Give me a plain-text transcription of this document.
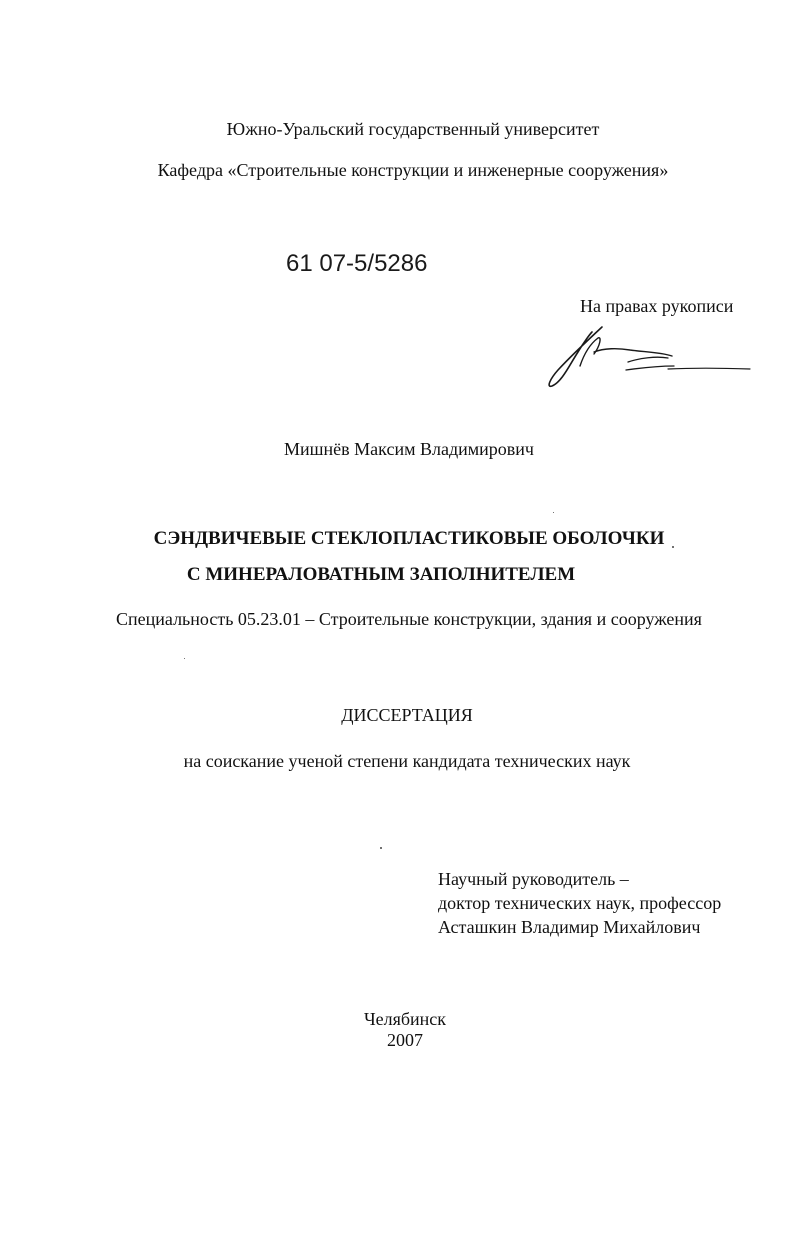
Южно-Уральский государственный университет
Кафедра «Строительные конструкции и инженерные сооружения»
61 07-5/5286
На правах рукописи
Мишнёв Максим Владимирович
СЭНДВИЧЕВЫЕ СТЕКЛОПЛАСТИКОВЫЕ ОБОЛОЧКИ
С МИНЕРАЛОВАТНЫМ ЗАПОЛНИТЕЛЕМ
Специальность 05.23.01 – Строительные конструкции, здания и сооружения
ДИССЕРТАЦИЯ
на соискание ученой степени кандидата технических наук
Научный руководитель –
доктор технических наук, профессор
Асташкин Владимир Михайлович
Челябинск
2007
